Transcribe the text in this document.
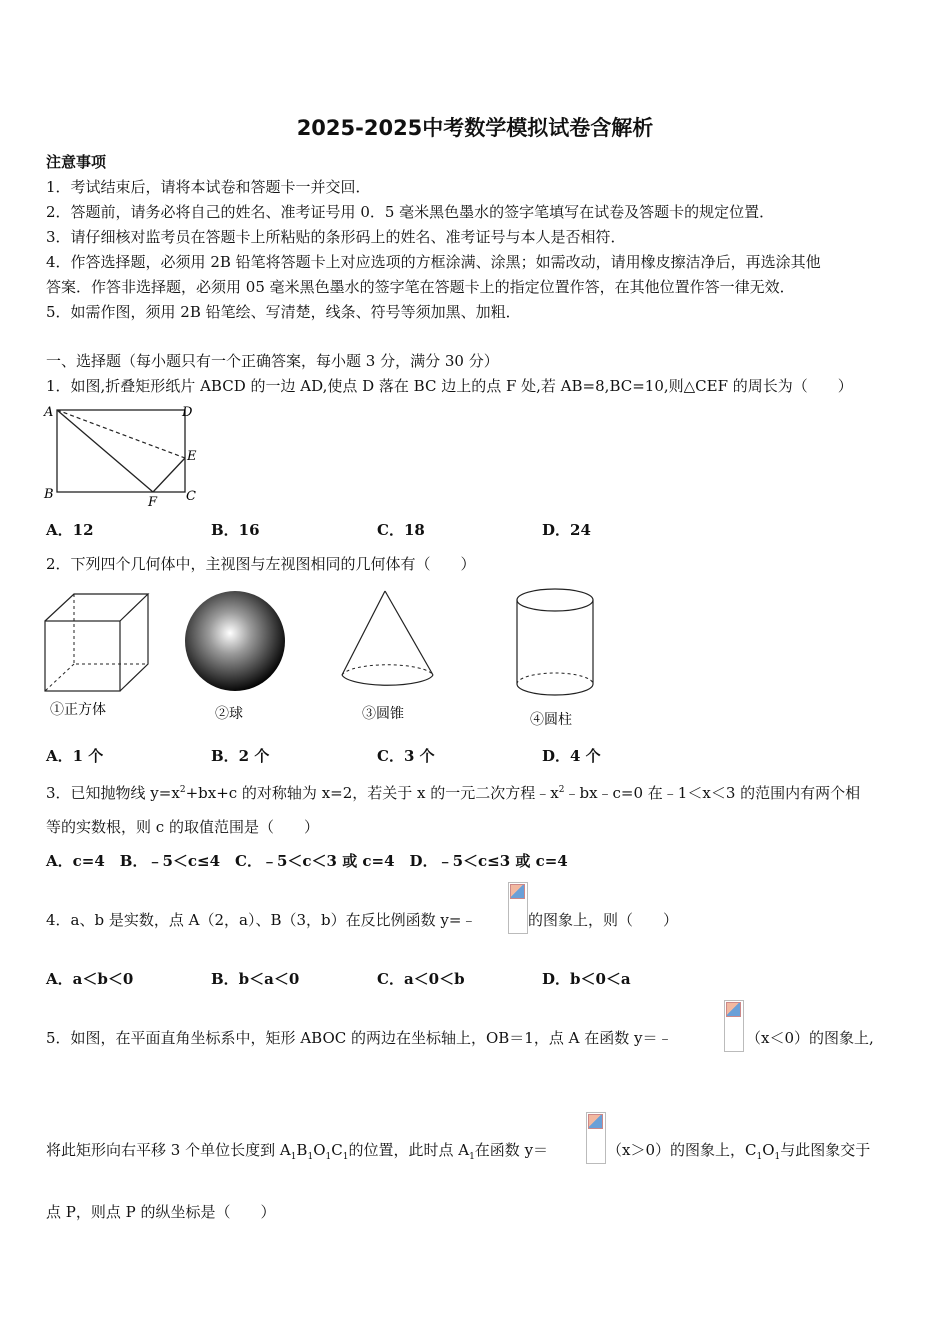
2025-2025中考数学模拟试卷含解析
注意事项
1．考试结束后，请将本试卷和答题卡一并交回．
2．答题前，请务必将自己的姓名、准考证号用 0．5 毫米黑色墨水的签字笔填写在试卷及答题卡的规定位置．
3．请仔细核对监考员在答题卡上所粘贴的条形码上的姓名、准考证号与本人是否相符．
4．作答选择题，必须用 2B 铅笔将答题卡上对应选项的方框涂满、涂黑；如需改动，请用橡皮擦洁净后，再选涂其他
答案．作答非选择题，必须用 05 毫米黑色墨水的签字笔在答题卡上的指定位置作答，在其他位置作答一律无效．
5．如需作图，须用 2B 铅笔绘、写清楚，线条、符号等须加黑、加粗．
一、选择题（每小题只有一个正确答案，每小题 3 分，满分 30 分）
1．如图,折叠矩形纸片 ABCD 的一边 AD,使点 D 落在 BC 边上的点 F 处,若 AB=8,BC=10,则△CEF 的周长为（　　）
A	D
E
B
F C
A．12	B．16	C．18	D．24
2．下列四个几何体中，主视图与左视图相同的几何体有（　　）
①正方体	②球	③圆锥	④圆柱
A．1 个	B．2 个	C．3 个	D．4 个
3．已知抛物线 $y=x^2+bx+c$ 的对称轴为 x=2，若关于 x 的一元二次方程$﹣x^2﹣bx﹣c=0$ 在﹣1＜x＜3 的范围内有两个相
等的实数根，则 c 的取值范围是（　　）
A．c=4　B．﹣5＜c≤4　C．﹣5＜c＜3 或 c=4　D．﹣5＜c≤3 或 c=4
4．a、b 是实数，点 A（2，a）、B（3，b）在反比例函数 y=﹣	的图象上，则（　　）
A．a＜b＜0	B．b＜a＜0	C．a＜0＜b	D．b＜0＜a
5．如图，在平面直角坐标系中，矩形 ABOC 的两边在坐标轴上，OB＝1，点 A 在函数 y＝﹣	（x＜0）的图象上,
将此矩形向右平移 3 个单位长度到 $A_1B_1O_1C_1$的位置，此时点 $A_1$在函数 y＝	（x＞0）的图象上，$C_1O_1$与此图象交于
点 P，则点 P 的纵坐标是（　　）
